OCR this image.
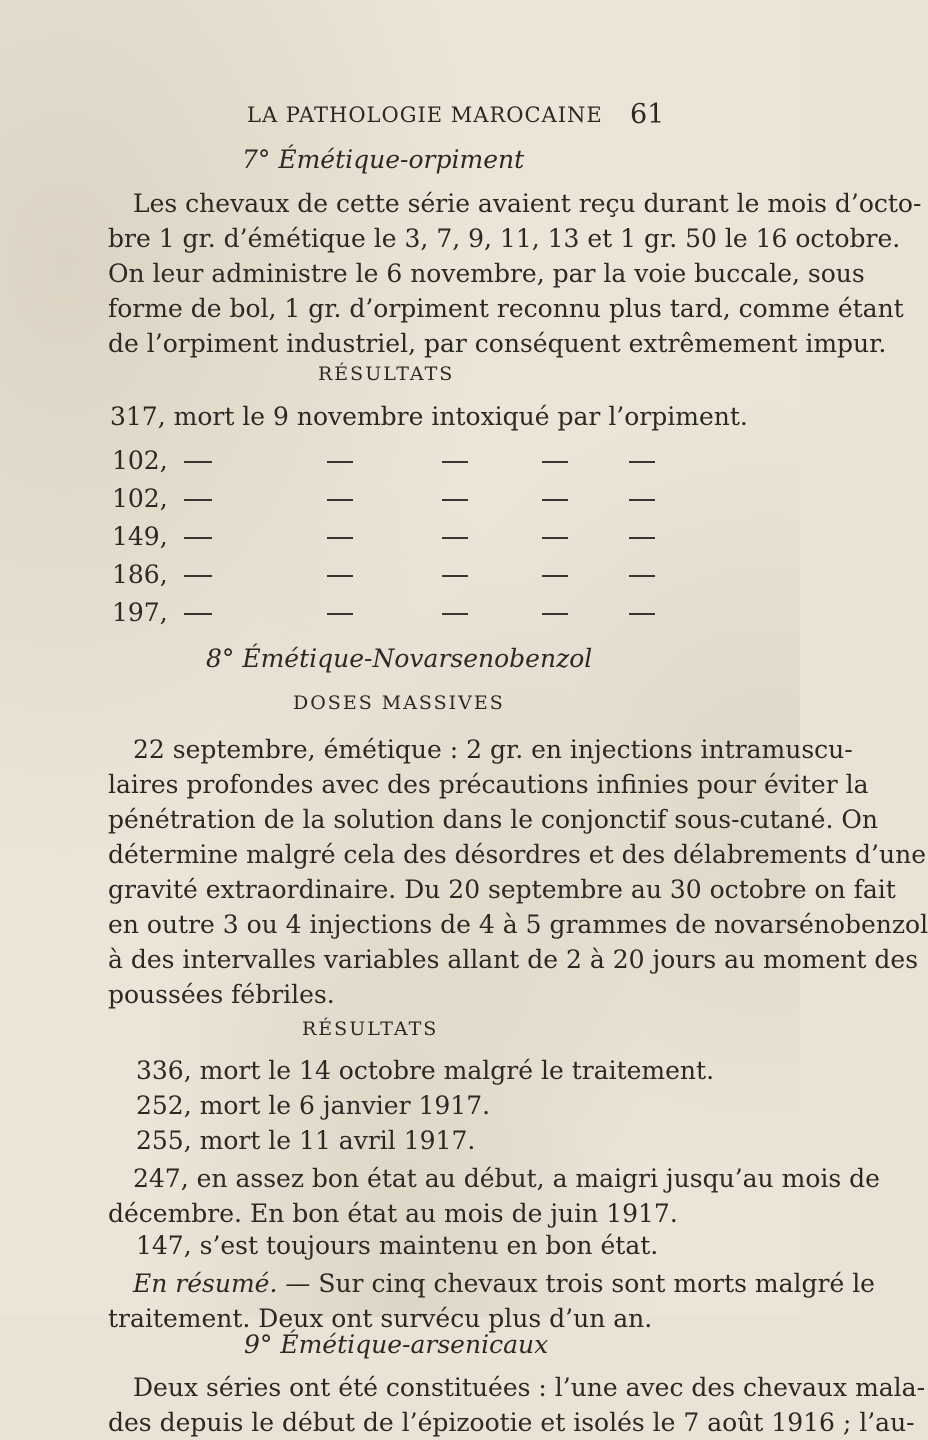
LA PATHOLOGIE MAROCAINE 61
7° Émétique-orpiment
Les chevaux de cette série avaient reçu durant le mois d’octo-
bre 1 gr. d’émétique le 3, 7, 9, 11, 13 et 1 gr. 50 le 16 octobre.
On leur administre le 6 novembre, par la voie buccale, sous
forme de bol, 1 gr. d’orpiment reconnu plus tard, comme étant
de l’orpiment industriel, par conséquent extrêmement impur.
RÉSULTATS
317, mort le 9 novembre intoxiqué par l’orpiment.
102,
102,
149,
186,
197,
8° Émétique-Novarsenobenzol
DOSES MASSIVES
22 septembre, émétique : 2 gr. en injections intramuscu-
laires profondes avec des précautions infinies pour éviter la
pénétration de la solution dans le conjonctif sous-cutané. On
détermine malgré cela des désordres et des délabrements d’une
gravité extraordinaire. Du 20 septembre au 30 octobre on fait
en outre 3 ou 4 injections de 4 à 5 grammes de novarsénobenzol
à des intervalles variables allant de 2 à 20 jours au moment des
poussées fébriles.
RÉSULTATS
336, mort le 14 octobre malgré le traitement.
252, mort le 6 janvier 1917.
255, mort le 11 avril 1917.
247, en assez bon état au début, a maigri jusqu’au mois de
décembre. En bon état au mois de juin 1917.
147, s’est toujours maintenu en bon état.
En résumé. — Sur cinq chevaux trois sont morts malgré le
traitement. Deux ont survécu plus d’un an.
9° Émétique-arsenicaux
Deux séries ont été constituées : l’une avec des chevaux mala-
des depuis le début de l’épizootie et isolés le 7 août 1916 ; l’au-
